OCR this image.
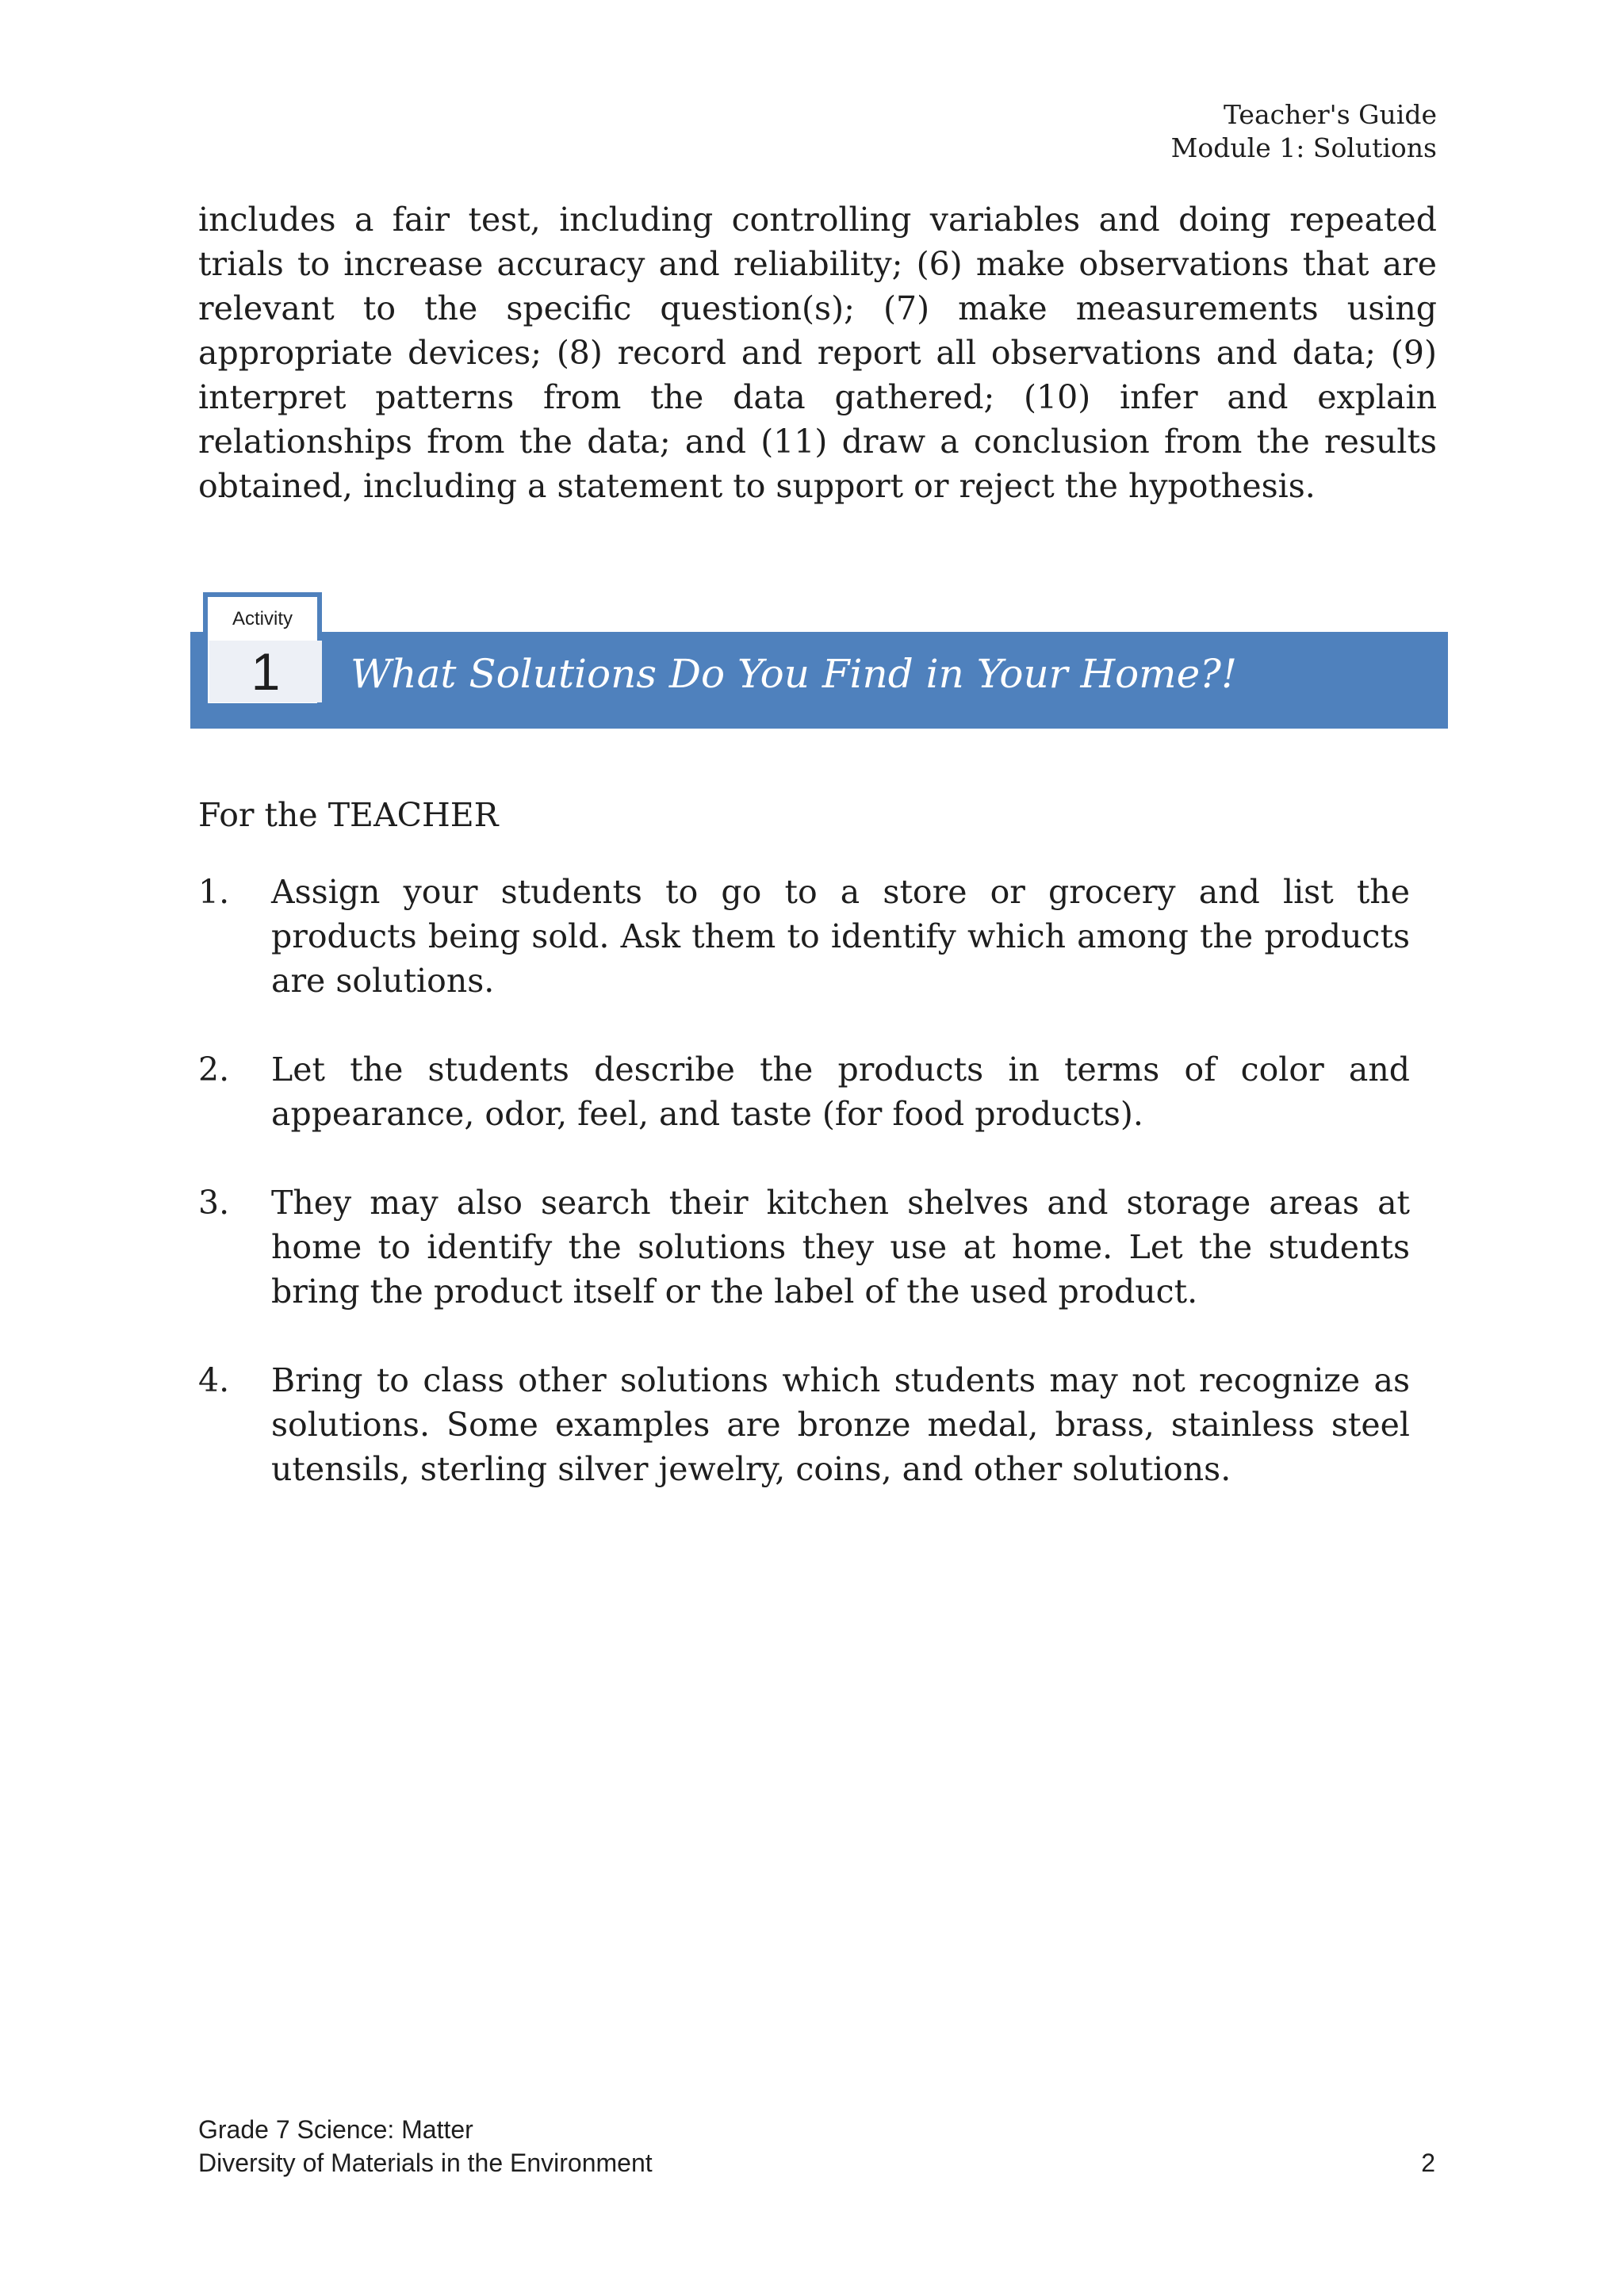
Teacher's Guide
Module 1: Solutions

includes a fair test, including controlling variables and doing repeated trials to increase accuracy and reliability; (6) make observations that are relevant to the specific question(s); (7) make measurements using appropriate devices; (8) record and report all observations and data; (9) interpret patterns from the data gathered; (10) infer and explain relationships from the data; and (11) draw a conclusion from the results obtained, including a statement to support or reject the hypothesis.

What Solutions Do You Find in Your Home?!
Activity
1
For the TEACHER
1. Assign your students to go to a store or grocery and list the products being sold. Ask them to identify which among the products are solutions.
2. Let the students describe the products in terms of color and appearance, odor, feel, and taste (for food products).
3. They may also search their kitchen shelves and storage areas at home to identify the solutions they use at home. Let the students bring the product itself or the label of the used product.
4. Bring to class other solutions which students may not recognize as solutions. Some examples are bronze medal, brass, stainless steel utensils, sterling silver jewelry, coins, and other solutions.
Grade 7 Science: Matter
Diversity of Materials in the Environment	2
